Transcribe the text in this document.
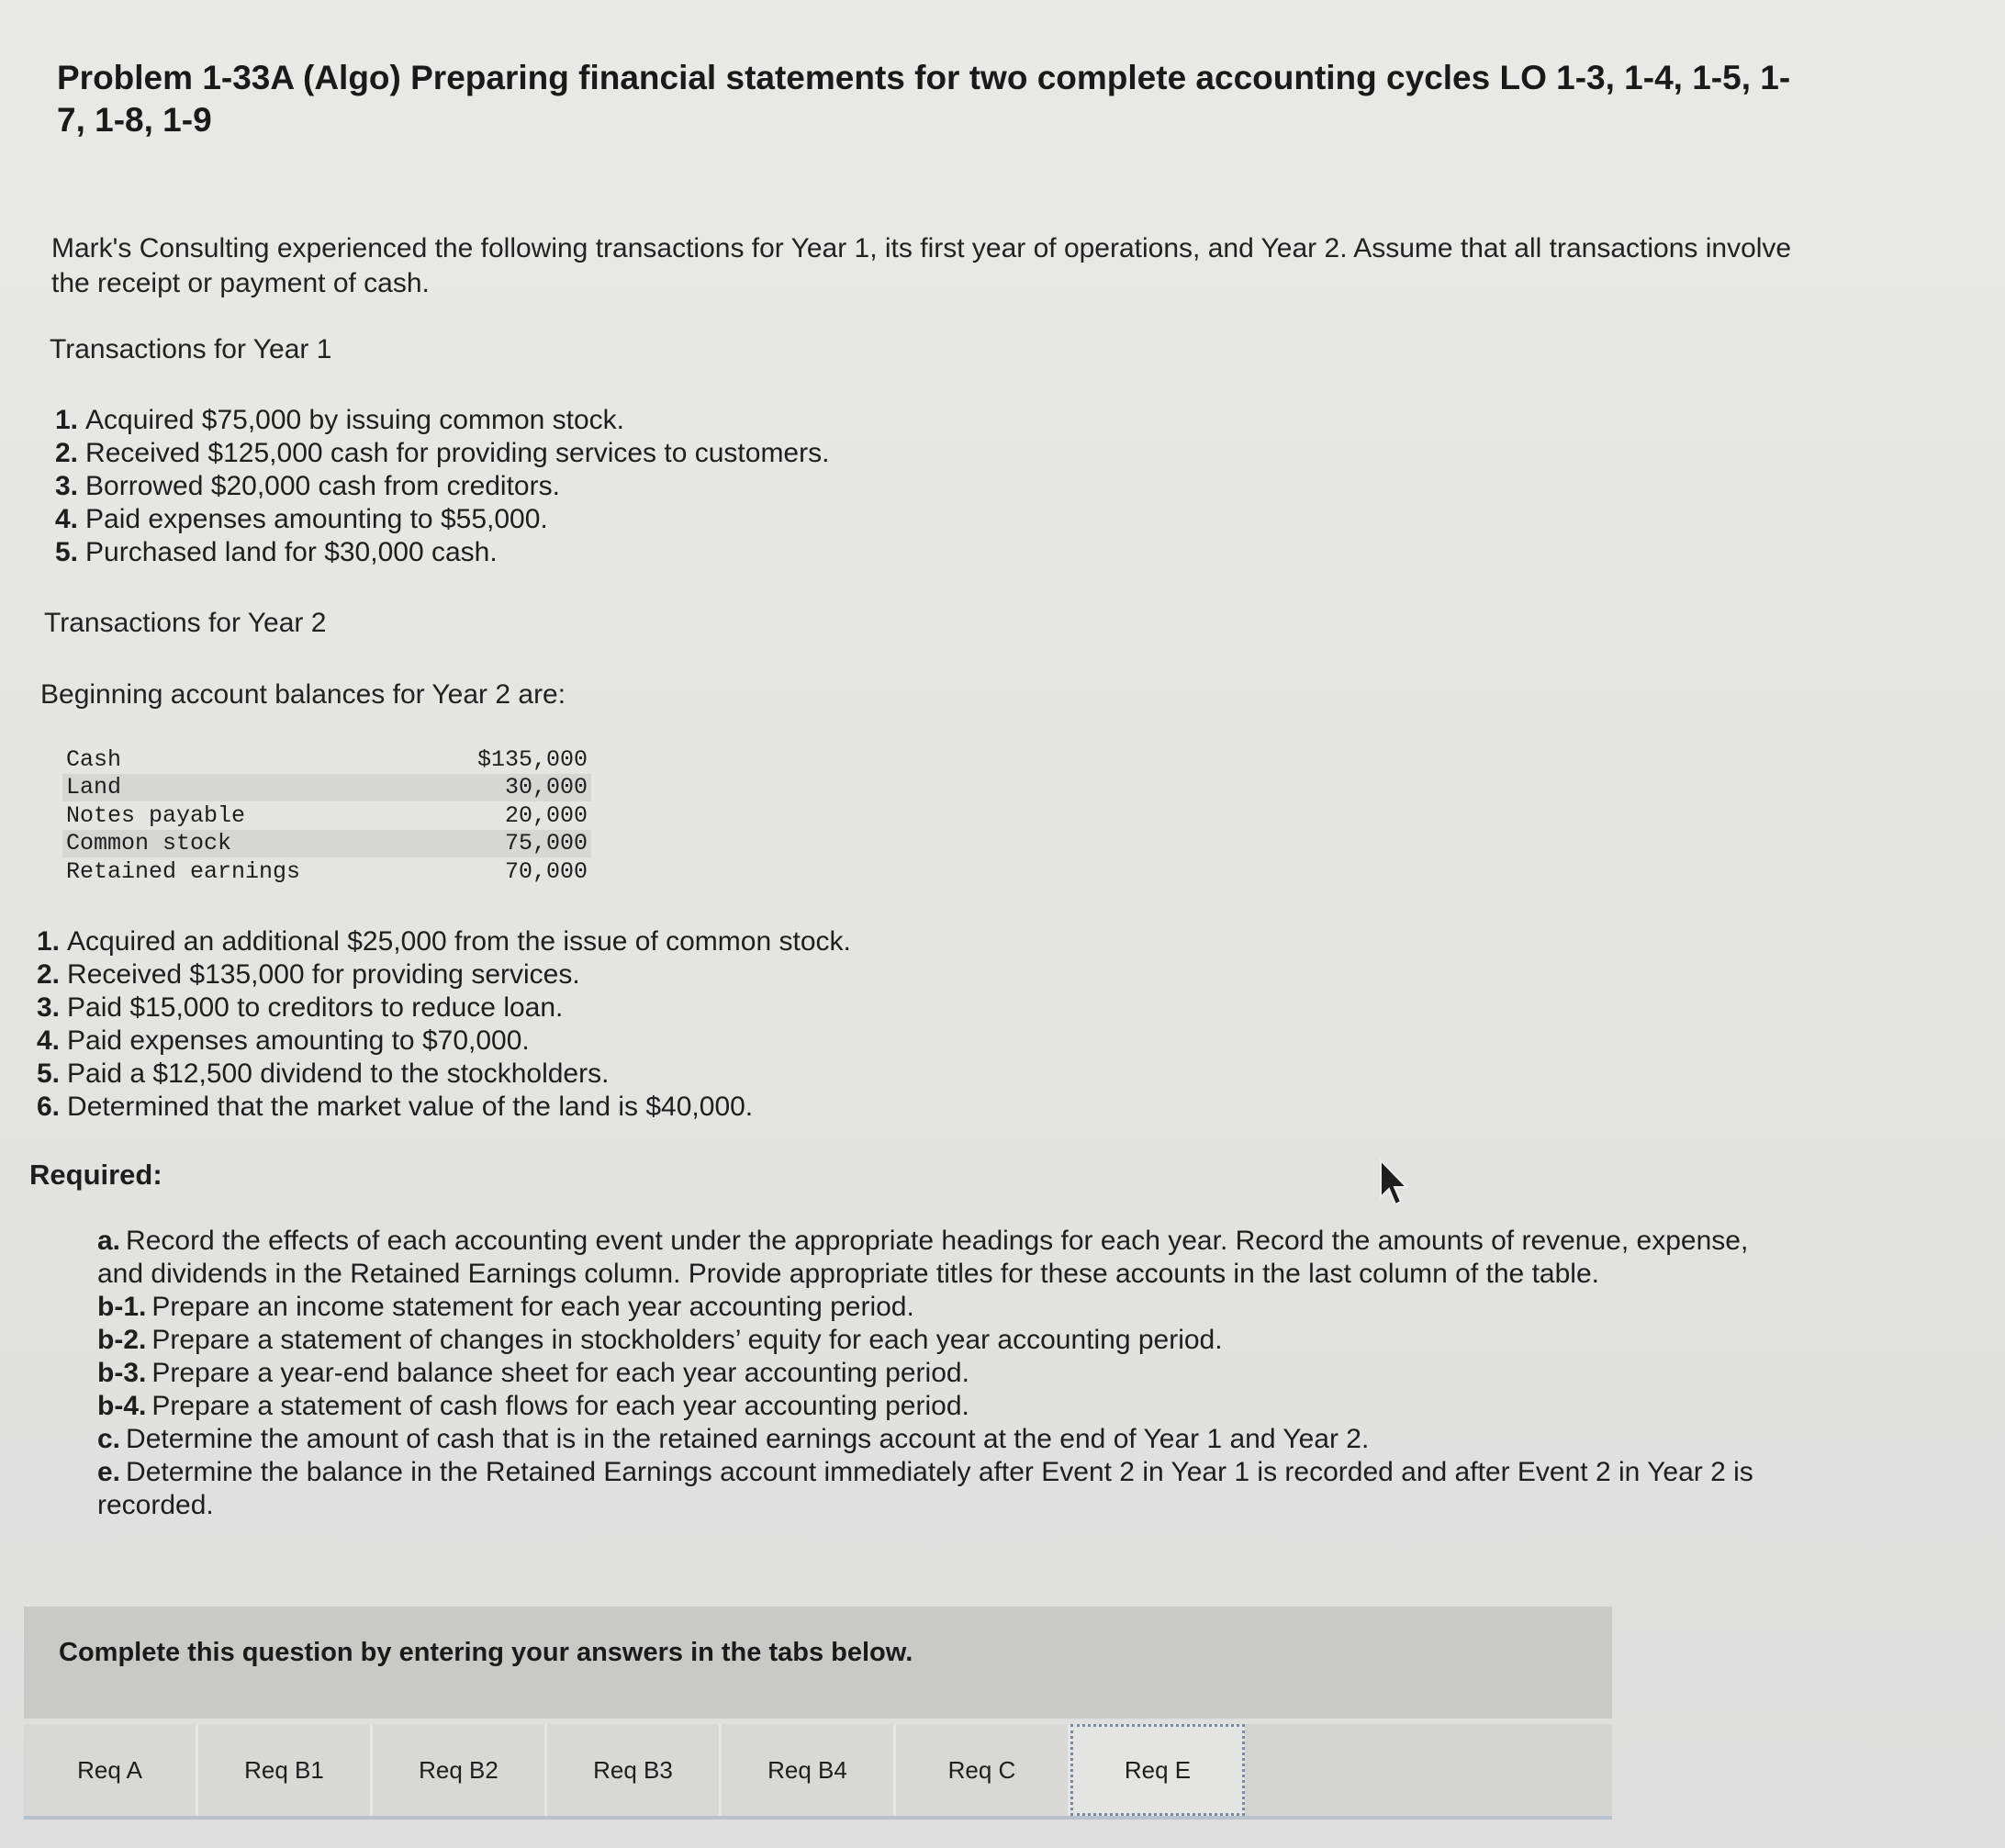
Problem 1-33A (Algo) Preparing financial statements for two complete accounting cycles LO 1-3, 1-4, 1-5, 1-7, 1-8, 1-9
Mark's Consulting experienced the following transactions for Year 1, its first year of operations, and Year 2. Assume that all transactions involve the receipt or payment of cash.
Transactions for Year 1
1. Acquired $75,000 by issuing common stock.
2. Received $125,000 cash for providing services to customers.
3. Borrowed $20,000 cash from creditors.
4. Paid expenses amounting to $55,000.
5. Purchased land for $30,000 cash.
Transactions for Year 2
Beginning account balances for Year 2 are:
Cash	$135,000
Land	30,000
Notes payable	20,000
Common stock	75,000
Retained earnings	70,000
1. Acquired an additional $25,000 from the issue of common stock.
2. Received $135,000 for providing services.
3. Paid $15,000 to creditors to reduce loan.
4. Paid expenses amounting to $70,000.
5. Paid a $12,500 dividend to the stockholders.
6. Determined that the market value of the land is $40,000.
Required:
a. Record the effects of each accounting event under the appropriate headings for each year. Record the amounts of revenue, expense, and dividends in the Retained Earnings column. Provide appropriate titles for these accounts in the last column of the table.
b-1. Prepare an income statement for each year accounting period.
b-2. Prepare a statement of changes in stockholders’ equity for each year accounting period.
b-3. Prepare a year-end balance sheet for each year accounting period.
b-4. Prepare a statement of cash flows for each year accounting period.
c. Determine the amount of cash that is in the retained earnings account at the end of Year 1 and Year 2.
e. Determine the balance in the Retained Earnings account immediately after Event 2 in Year 1 is recorded and after Event 2 in Year 2 is recorded.
Complete this question by entering your answers in the tabs below.
Req A	Req B1	Req B2	Req B3	Req B4	Req C	Req E
